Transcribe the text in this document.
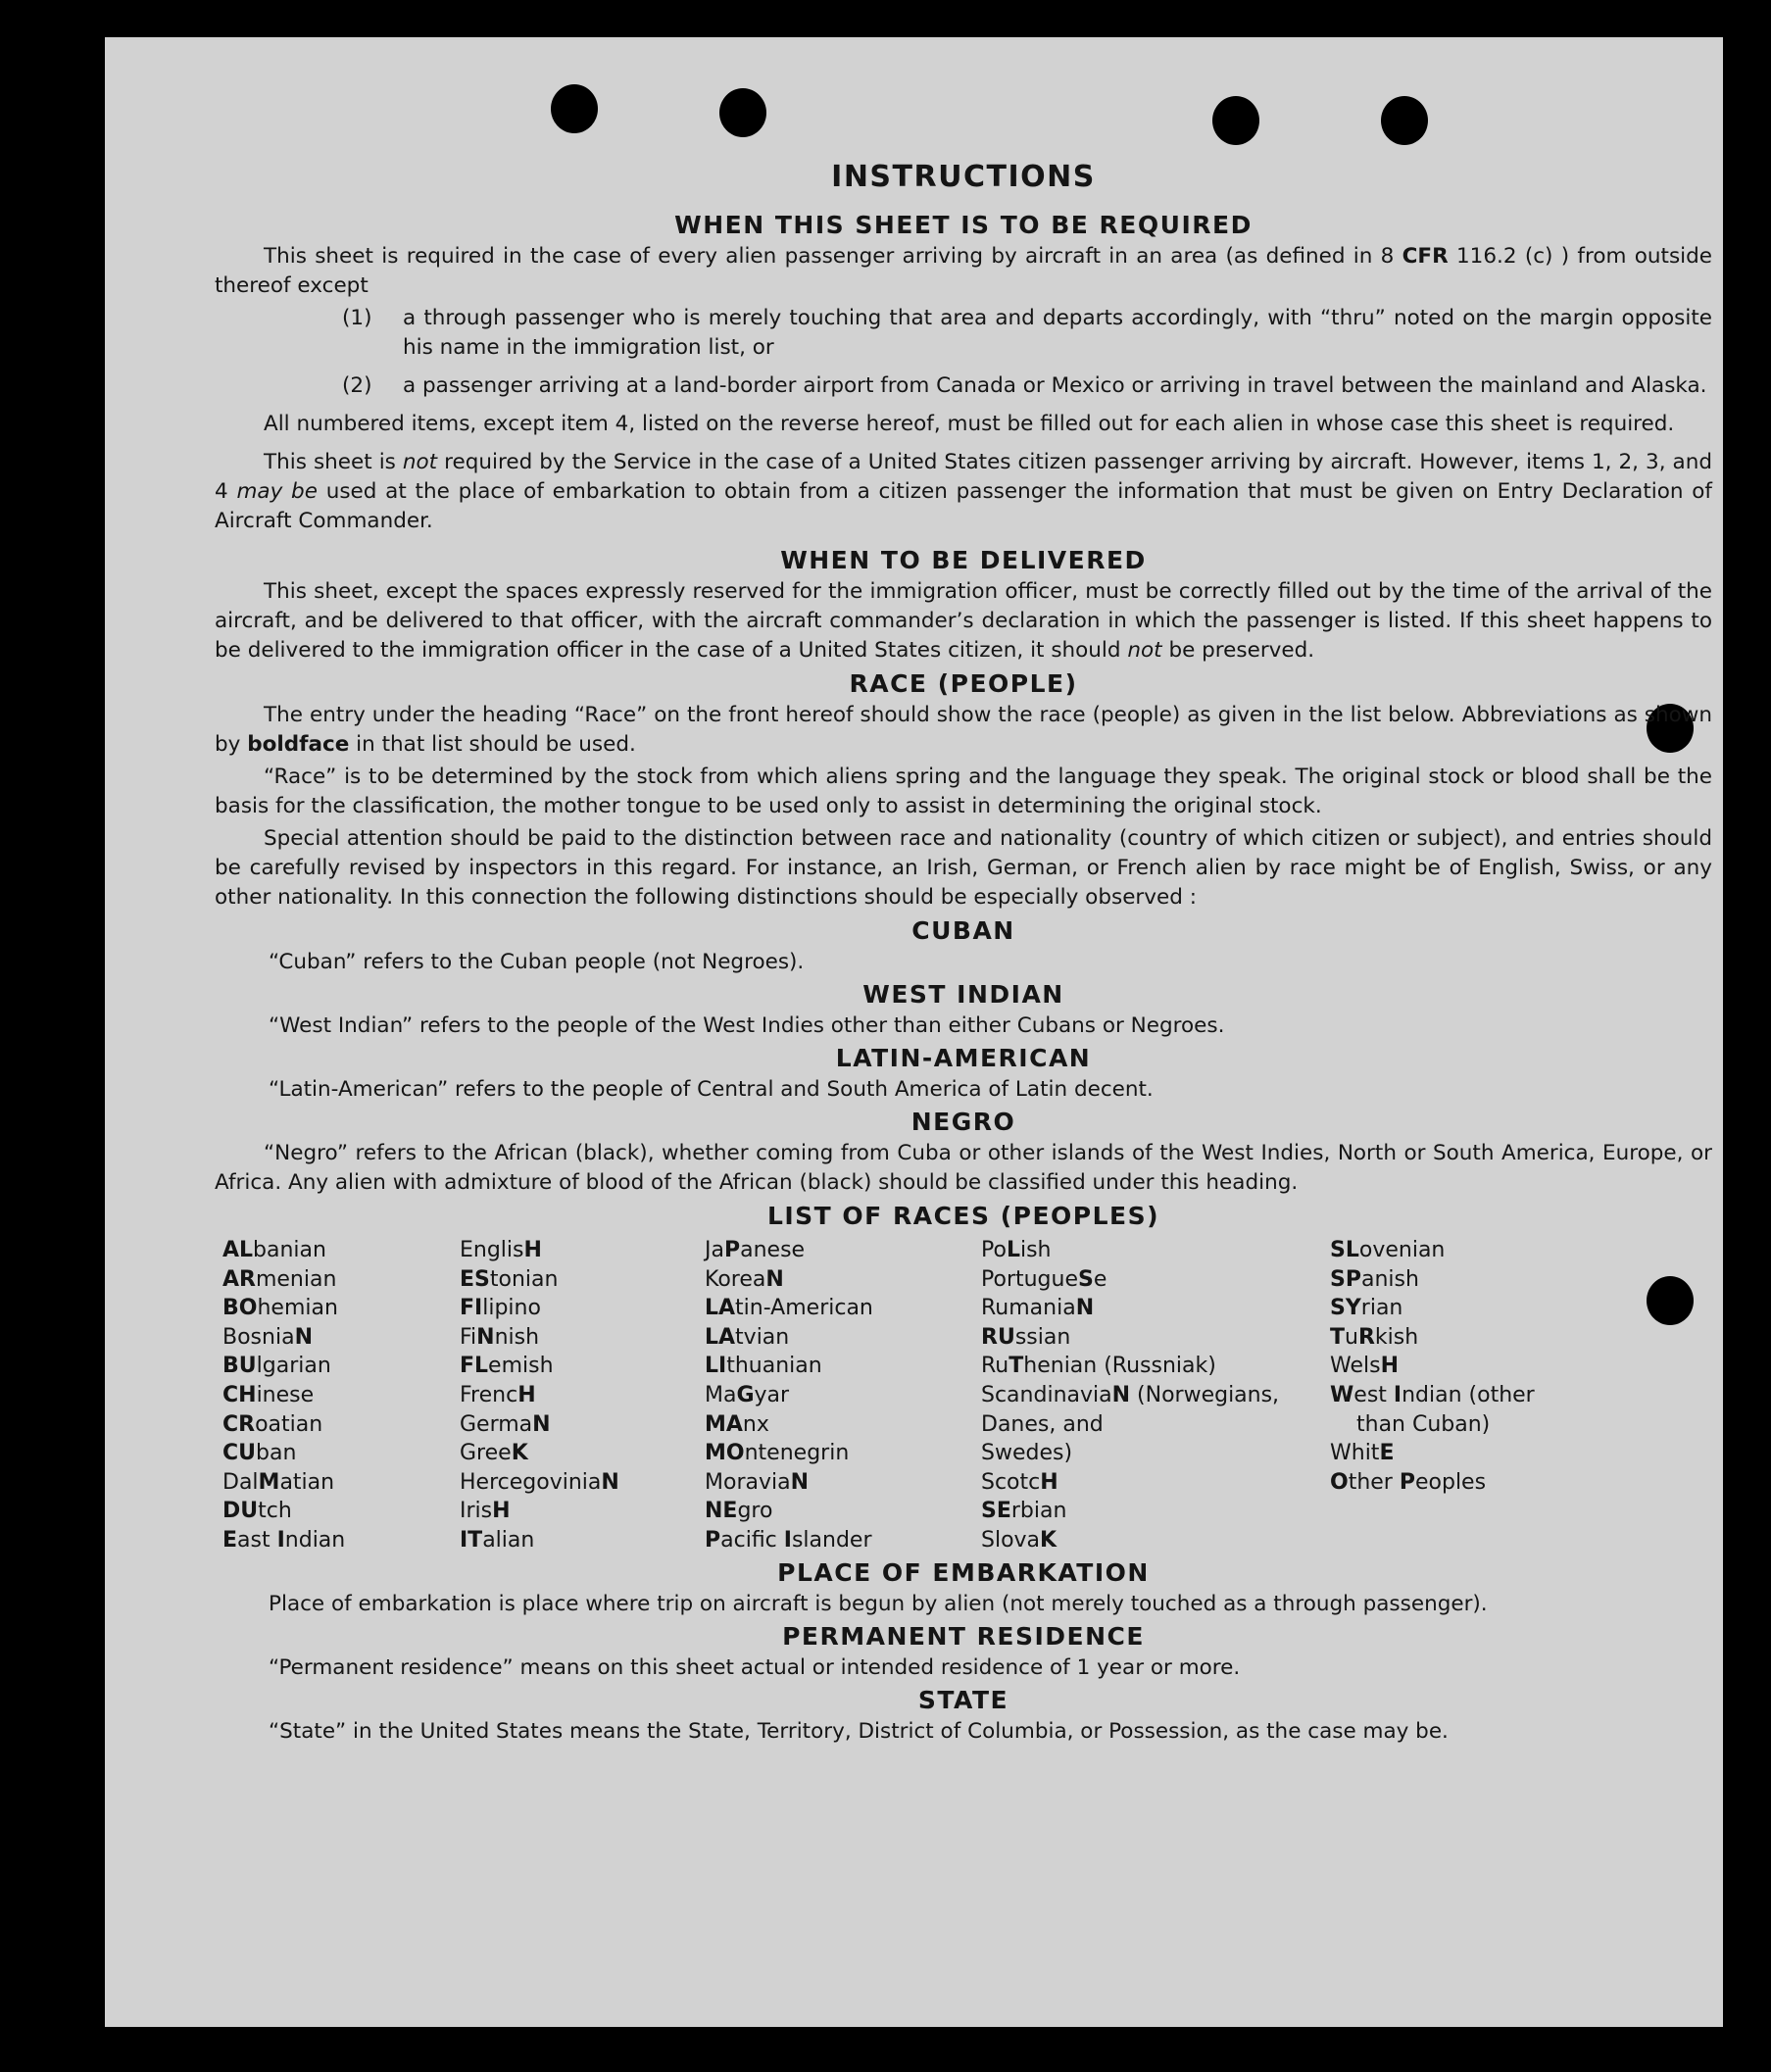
INSTRUCTIONS
WHEN THIS SHEET IS TO BE REQUIRED

This sheet is required in the case of every alien passenger arriving by aircraft in an area (as defined in 8 CFR 116.2 (c) ) from outside thereof except

(1)	a through passenger who is merely touching that area and departs accordingly, with “thru” noted on the margin opposite his name in the immigration list, or
(2)	a passenger arriving at a land-border airport from Canada or Mexico or arriving in travel between the mainland and Alaska.

All numbered items, except item 4, listed on the reverse hereof, must be filled out for each alien in whose case this sheet is required.

This sheet is not required by the Service in the case of a United States citizen passenger arriving by aircraft. However, items 1, 2, 3, and 4 may be used at the place of embarkation to obtain from a citizen passenger the information that must be given on Entry Declaration of Aircraft Commander.

WHEN TO BE DELIVERED

This sheet, except the spaces expressly reserved for the immigration officer, must be correctly filled out by the time of the arrival of the aircraft, and be delivered to that officer, with the aircraft commander’s declaration in which the passenger is listed. If this sheet happens to be delivered to the immigration officer in the case of a United States citizen, it should not be preserved.

RACE (PEOPLE)

The entry under the heading “Race” on the front hereof should show the race (people) as given in the list below. Abbreviations as shown by boldface in that list should be used.

“Race” is to be determined by the stock from which aliens spring and the language they speak. The original stock or blood shall be the basis for the classification, the mother tongue to be used only to assist in determining the original stock.

Special attention should be paid to the distinction between race and nationality (country of which citizen or subject), and entries should be carefully revised by inspectors in this regard. For instance, an Irish, German, or French alien by race might be of English, Swiss, or any other nationality. In this connection the following distinctions should be especially observed :

CUBAN
“Cuban” refers to the Cuban people (not Negroes).
WEST INDIAN
“West Indian” refers to the people of the West Indies other than either Cubans or Negroes.
LATIN-AMERICAN
“Latin-American” refers to the people of Central and South America of Latin decent.
NEGRO

“Negro” refers to the African (black), whether coming from Cuba or other islands of the West Indies, North or South America, Europe, or Africa. Any alien with admixture of blood of the African (black) should be classified under this heading.

LIST OF RACES (PEOPLES)
ALbanian
ARmenian
BOhemian
BosniaN
BUlgarian
CHinese
CRoatian
CUban
DalMatian
DUtch
East Indian
EnglisH
EStonian
FIlipino
FiNnish
FLemish
FrencH
GermaN
GreeK
HercegoviniaN
IrisH
ITalian
JaPanese
KoreaN
LAtin-American
LAtvian
LIthuanian
MaGyar
MAnx
MOntenegrin
MoraviaN
NEgro
Pacific Islander
PoLish
PortugueSe
RumaniaN
RUssian
RuThenian (Russniak)
ScandinaviaN (Norwegians,
Danes, and
Swedes)
ScotcH
SErbian
SlovaK
SLovenian
SPanish
SYrian
TuRkish
WelsH
West Indian (other
than Cuban)
WhitE
Other Peoples
PLACE OF EMBARKATION
Place of embarkation is place where trip on aircraft is begun by alien (not merely touched as a through passenger).
PERMANENT RESIDENCE
“Permanent residence” means on this sheet actual or intended residence of 1 year or more.
STATE
“State” in the United States means the State, Territory, District of Columbia, or Possession, as the case may be.
